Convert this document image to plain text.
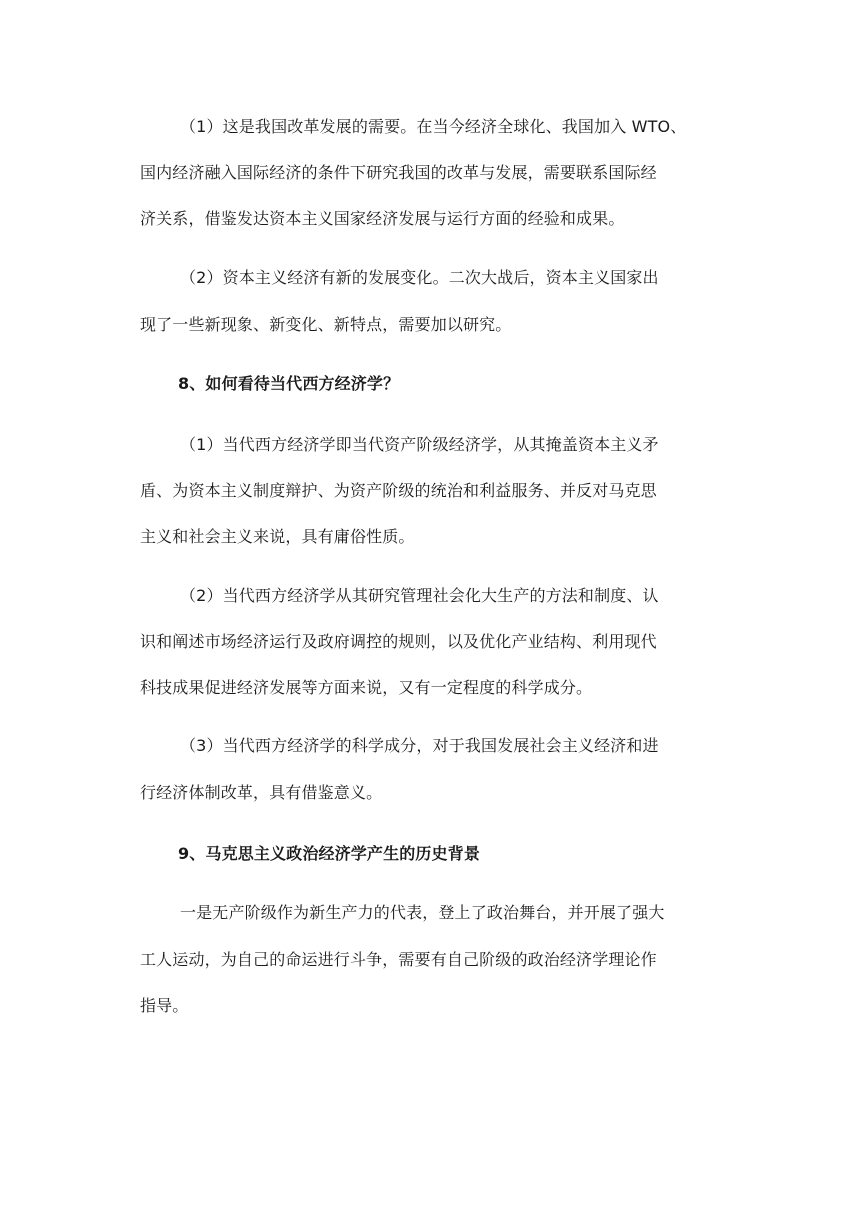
（1）这是我国改革发展的需要。在当今经济全球化、我国加入 WTO、
国内经济融入国际经济的条件下研究我国的改革与发展，需要联系国际经
济关系，借鉴发达资本主义国家经济发展与运行方面的经验和成果。
（2）资本主义经济有新的发展变化。二次大战后，资本主义国家出
现了一些新现象、新变化、新特点，需要加以研究。
8、如何看待当代西方经济学？
（1）当代西方经济学即当代资产阶级经济学，从其掩盖资本主义矛
盾、为资本主义制度辩护、为资产阶级的统治和利益服务、并反对马克思
主义和社会主义来说，具有庸俗性质。
（2）当代西方经济学从其研究管理社会化大生产的方法和制度、认
识和阐述市场经济运行及政府调控的规则，以及优化产业结构、利用现代
科技成果促进经济发展等方面来说，又有一定程度的科学成分。
（3）当代西方经济学的科学成分，对于我国发展社会主义经济和进
行经济体制改革，具有借鉴意义。
9、马克思主义政治经济学产生的历史背景
一是无产阶级作为新生产力的代表，登上了政治舞台，并开展了强大
工人运动，为自己的命运进行斗争，需要有自己阶级的政治经济学理论作
指导。
